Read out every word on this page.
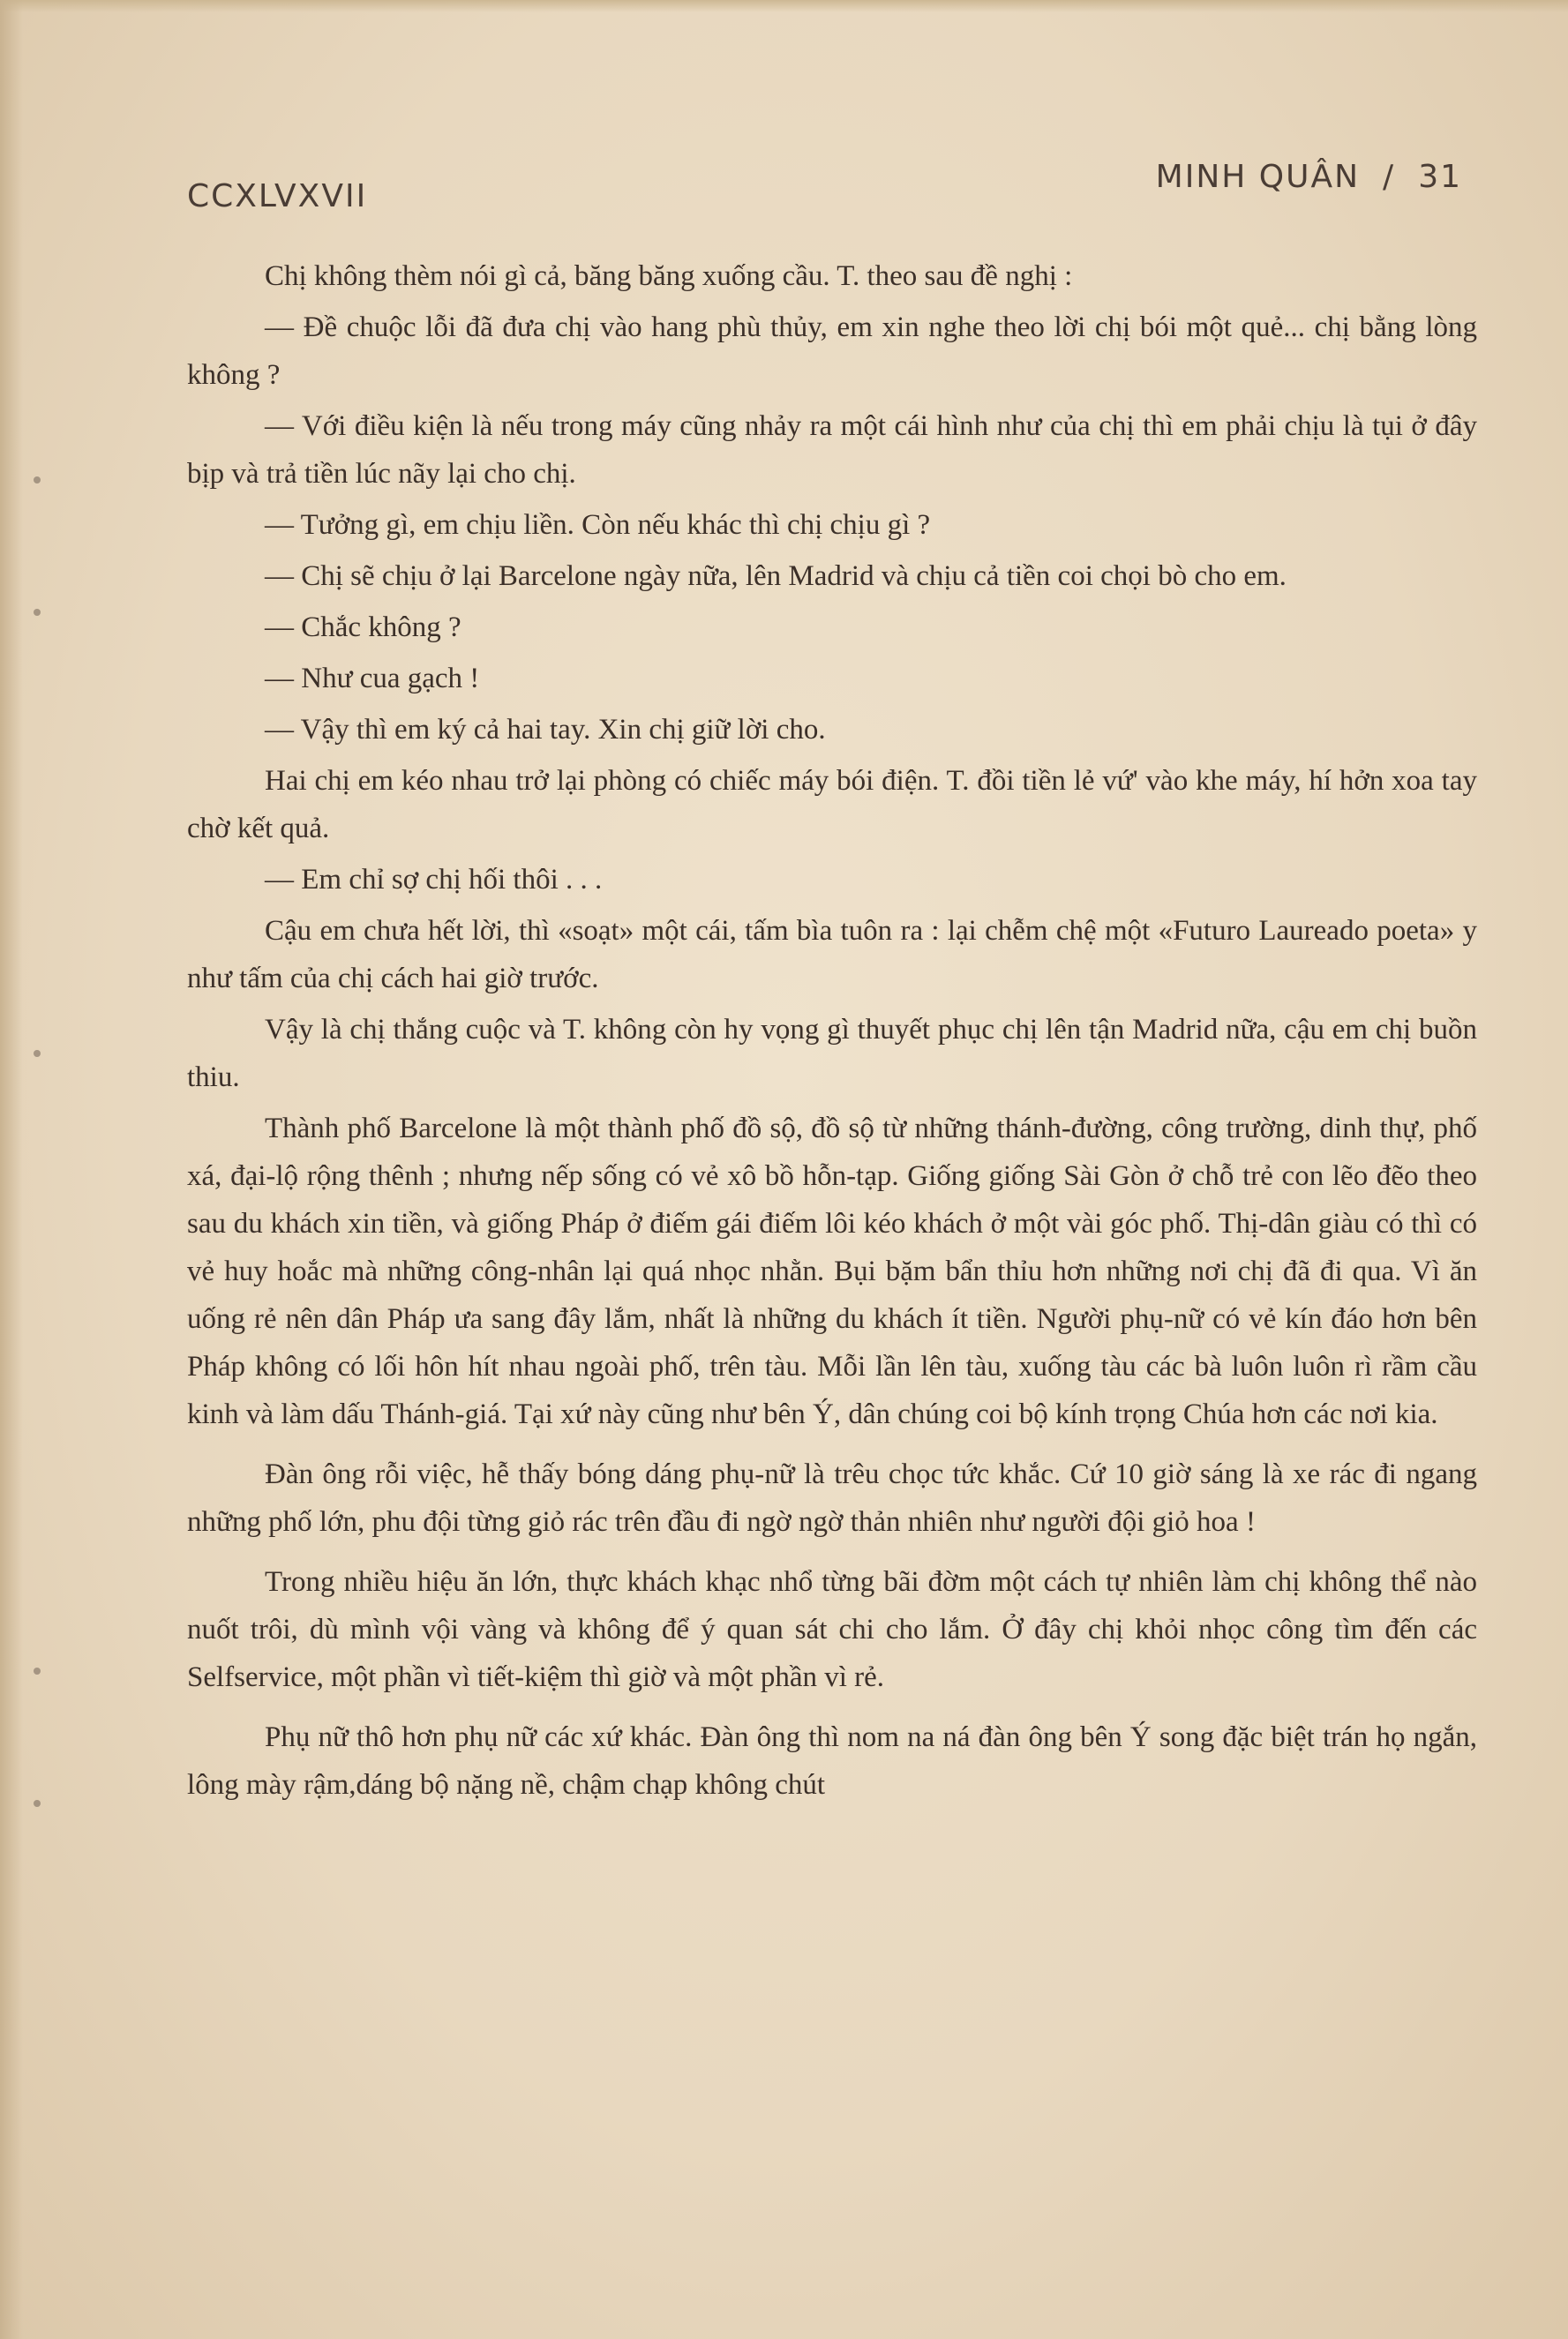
CCXLVXVII
MINH QUÂN / 31

Chị không thèm nói gì cả, băng băng xuống cầu. T. theo sau đề nghị :

— Đề chuộc lỗi đã đưa chị vào hang phù thủy, em xin nghe theo lời chị bói một quẻ... chị bằng lòng không ?

— Với điều kiện là nếu trong máy cũng nhảy ra một cái hình như của chị thì em phải chịu là tụi ở đây bịp và trả tiền lúc nãy lại cho chị.

— Tưởng gì, em chịu liền. Còn nếu khác thì chị chịu gì ?

— Chị sẽ chịu ở lại Barcelone ngày nữa, lên Madrid và chịu cả tiền coi chọi bò cho em.

— Chắc không ?

— Như cua gạch !

— Vậy thì em ký cả hai tay. Xin chị giữ lời cho.

Hai chị em kéo nhau trở lại phòng có chiếc máy bói điện. T. đồi tiền lẻ vứ' vào khe máy, hí hởn xoa tay chờ kết quả.

— Em chỉ sợ chị hối thôi . . .

Cậu em chưa hết lời, thì «soạt» một cái, tấm bìa tuôn ra : lại chễm chệ một «Futuro Laureado poeta» y như tấm của chị cách hai giờ trước.

Vậy là chị thắng cuộc và T. không còn hy vọng gì thuyết phục chị lên tận Madrid nữa, cậu em chị buồn thiu.

Thành phố Barcelone là một thành phố đồ sộ, đồ sộ từ những thánh-đường, công trường, dinh thự, phố xá, đại-lộ rộng thênh ; nhưng nếp sống có vẻ xô bồ hỗn-tạp. Giống giống Sài Gòn ở chỗ trẻ con lẽo đẽo theo sau du khách xin tiền, và giống Pháp ở điếm gái điếm lôi kéo khách ở một vài góc phố. Thị-dân giàu có thì có vẻ huy hoắc mà những công-nhân lại quá nhọc nhằn. Bụi bặm bẩn thỉu hơn những nơi chị đã đi qua. Vì ăn uống rẻ nên dân Pháp ưa sang đây lắm, nhất là những du khách ít tiền. Người phụ-nữ có vẻ kín đáo hơn bên Pháp không có lối hôn hít nhau ngoài phố, trên tàu. Mỗi lần lên tàu, xuống tàu các bà luôn luôn rì rầm cầu kinh và làm dấu Thánh-giá. Tại xứ này cũng như bên Ý, dân chúng coi bộ kính trọng Chúa hơn các nơi kia.

Đàn ông rỗi việc, hễ thấy bóng dáng phụ-nữ là trêu chọc tức khắc. Cứ 10 giờ sáng là xe rác đi ngang những phố lớn, phu đội từng giỏ rác trên đầu đi ngờ ngờ thản nhiên như người đội giỏ hoa !

Trong nhiều hiệu ăn lớn, thực khách khạc nhổ từng bãi đờm một cách tự nhiên làm chị không thể nào nuốt trôi, dù mình vội vàng và không để ý quan sát chi cho lắm. Ở đây chị khỏi nhọc công tìm đến các Selfservice, một phần vì tiết-kiệm thì giờ và một phần vì rẻ.

Phụ nữ thô hơn phụ nữ các xứ khác. Đàn ông thì nom na ná đàn ông bên Ý song đặc biệt trán họ ngắn, lông mày rậm,dáng bộ nặng nề, chậm chạp không chút
